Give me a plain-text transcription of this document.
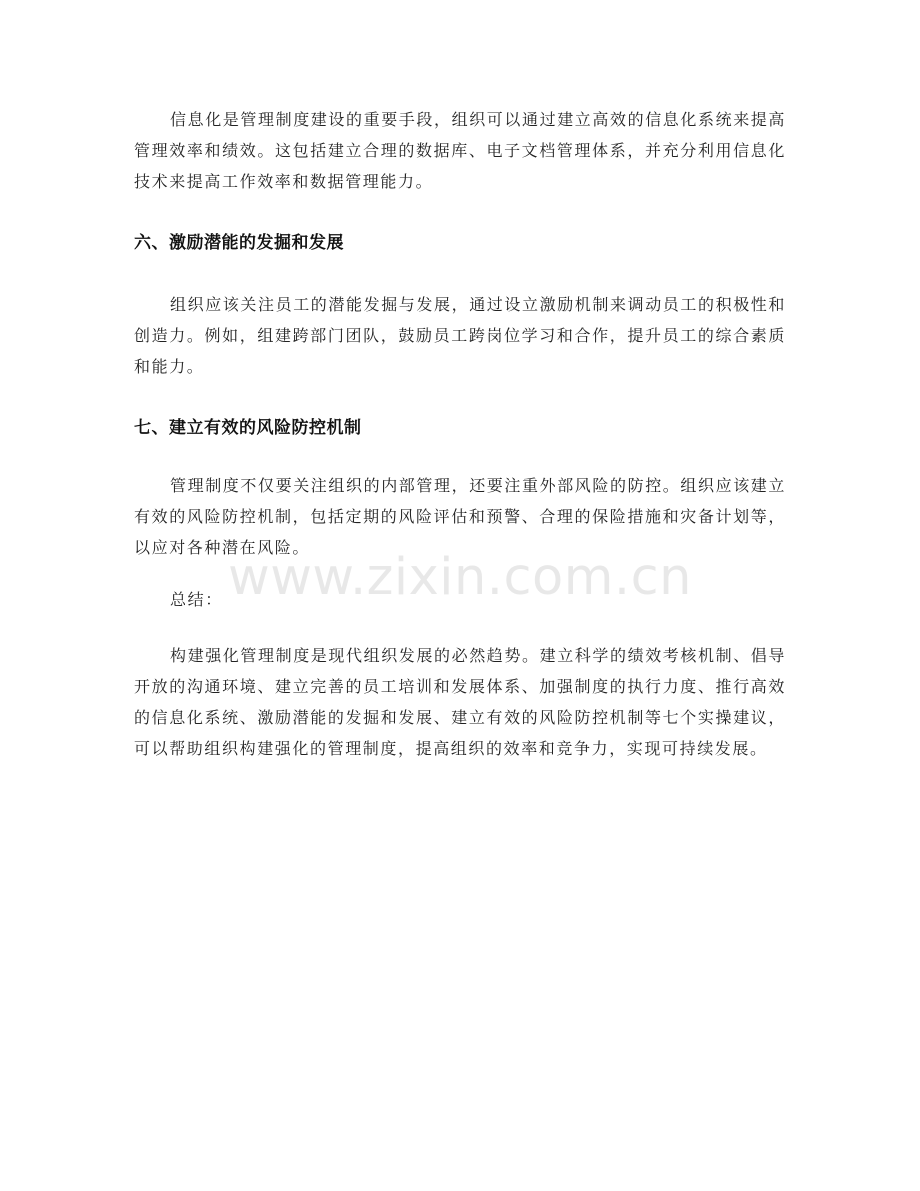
信息化是管理制度建设的重要手段，组织可以通过建立高效的信息化系统来提高管理效率和绩效。这包括建立合理的数据库、电子文档管理体系，并充分利用信息化技术来提高工作效率和数据管理能力。

六、激励潜能的发掘和发展

组织应该关注员工的潜能发掘与发展，通过设立激励机制来调动员工的积极性和创造力。例如，组建跨部门团队，鼓励员工跨岗位学习和合作，提升员工的综合素质和能力。

七、建立有效的风险防控机制

管理制度不仅要关注组织的内部管理，还要注重外部风险的防控。组织应该建立有效的风险防控机制，包括定期的风险评估和预警、合理的保险措施和灾备计划等，以应对各种潜在风险。

总结：

构建强化管理制度是现代组织发展的必然趋势。建立科学的绩效考核机制、倡导开放的沟通环境、建立完善的员工培训和发展体系、加强制度的执行力度、推行高效的信息化系统、激励潜能的发掘和发展、建立有效的风险防控机制等七个实操建议，可以帮助组织构建强化的管理制度，提高组织的效率和竞争力，实现可持续发展。

www.zixin.com.cn
